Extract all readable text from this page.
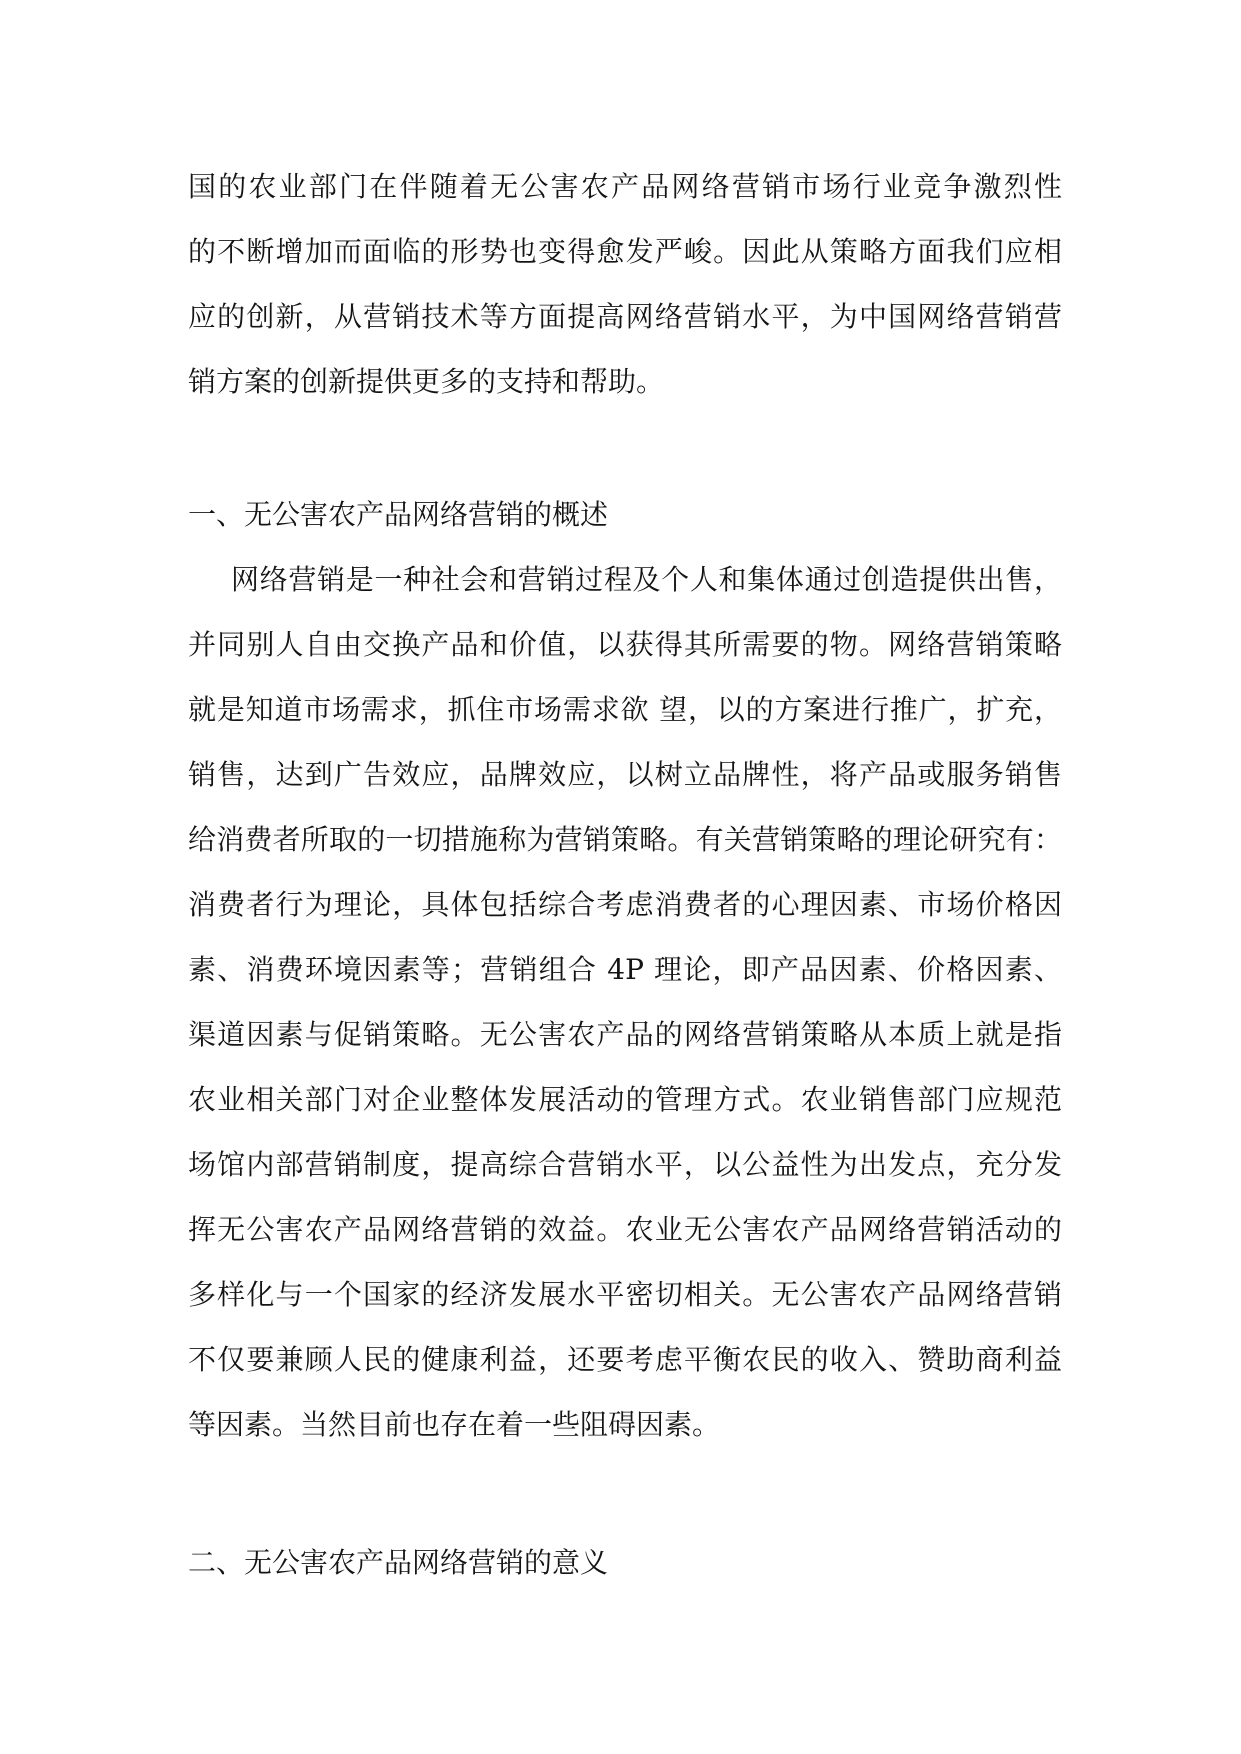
国的农业部门在伴随着无公害农产品网络营销市场行业竞争激烈性
的不断增加而面临的形势也变得愈发严峻。因此从策略方面我们应相
应的创新，从营销技术等方面提高网络营销水平，为中国网络营销营
销方案的创新提供更多的支持和帮助。
一、无公害农产品网络营销的概述
网络营销是一种社会和营销过程及个人和集体通过创造提供出售，
并同别人自由交换产品和价值，以获得其所需要的物。网络营销策略
就是知道市场需求，抓住市场需求欲 望，以的方案进行推广，扩充，
销售，达到广告效应，品牌效应，以树立品牌性，将产品或服务销售
给消费者所取的一切措施称为营销策略。有关营销策略的理论研究有：
消费者行为理论，具体包括综合考虑消费者的心理因素、市场价格因
素、消费环境因素等；营销组合 4P 理论，即产品因素、价格因素、
渠道因素与促销策略。无公害农产品的网络营销策略从本质上就是指
农业相关部门对企业整体发展活动的管理方式。农业销售部门应规范
场馆内部营销制度，提高综合营销水平，以公益性为出发点，充分发
挥无公害农产品网络营销的效益。农业无公害农产品网络营销活动的
多样化与一个国家的经济发展水平密切相关。无公害农产品网络营销
不仅要兼顾人民的健康利益，还要考虑平衡农民的收入、赞助商利益
等因素。当然目前也存在着一些阻碍因素。
二、无公害农产品网络营销的意义
